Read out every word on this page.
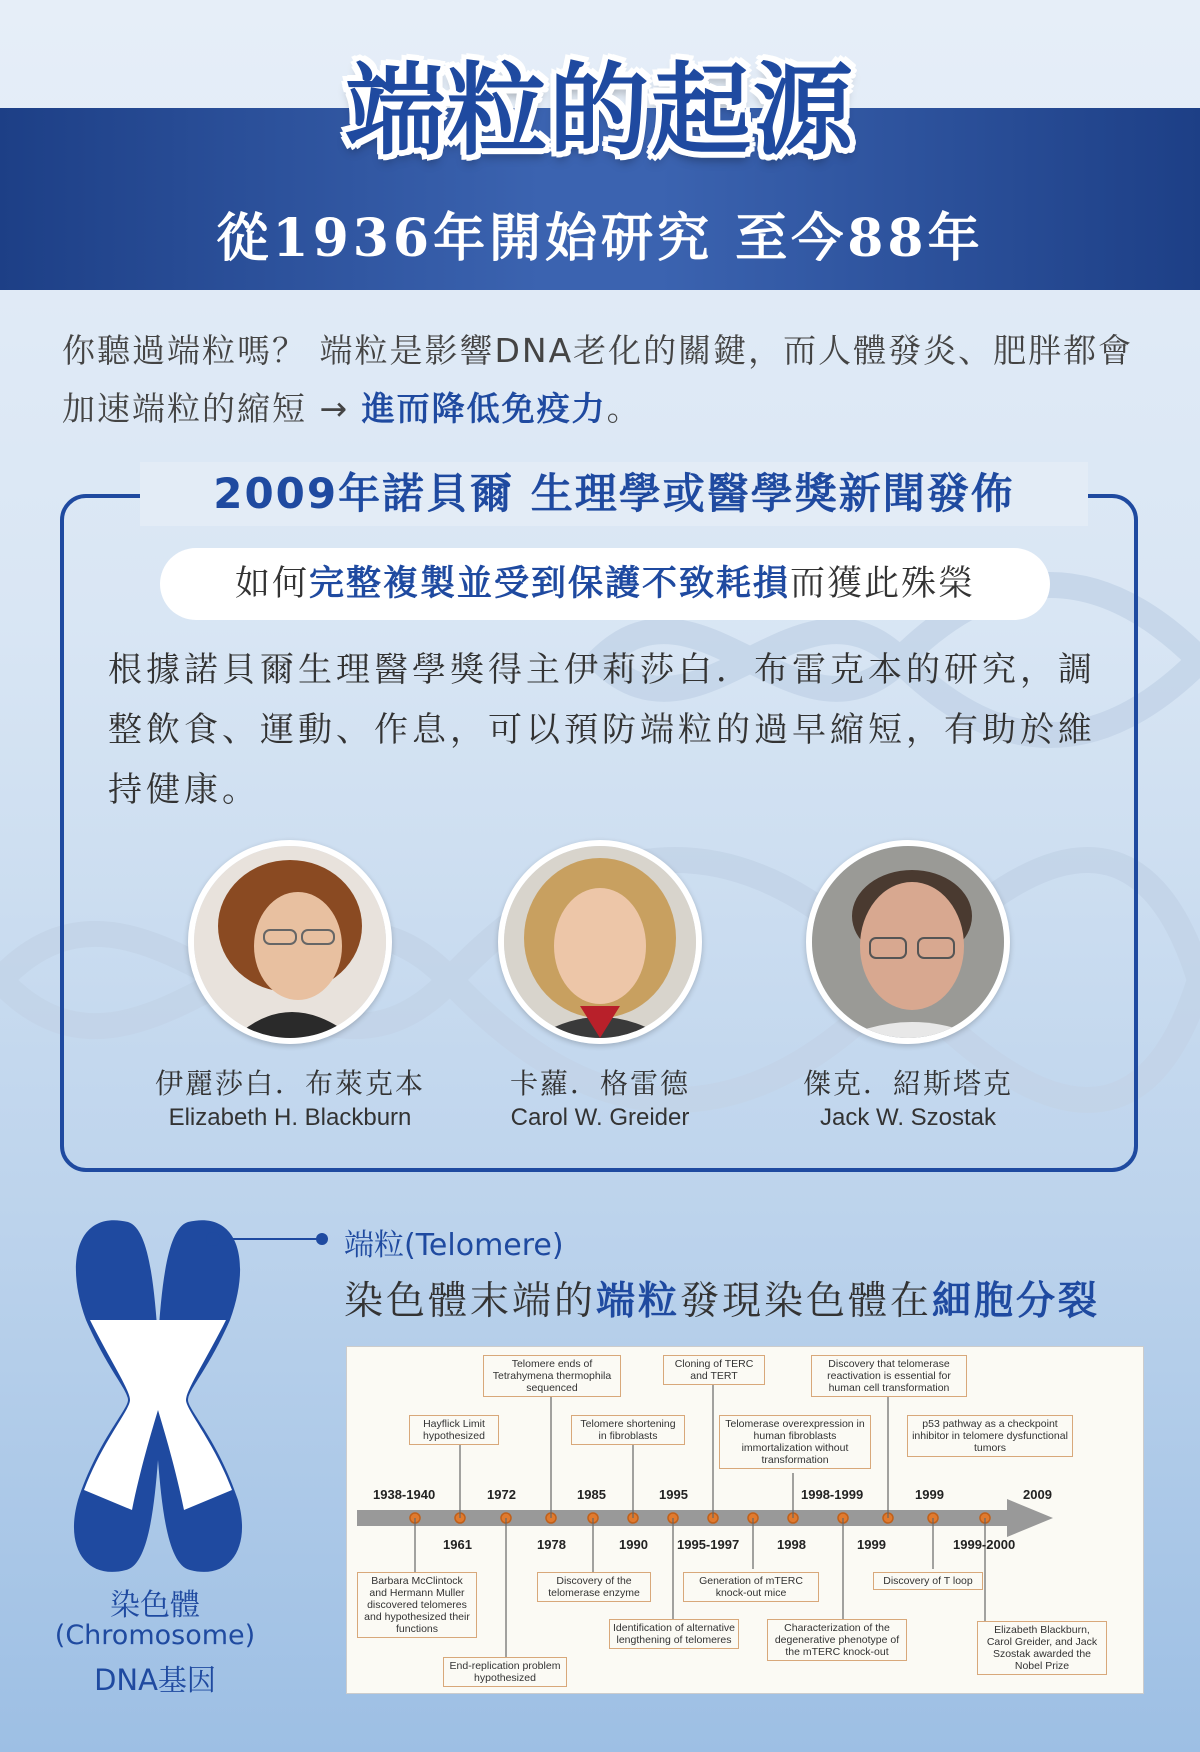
端粒的起源
從1936年開始研究 至今88年
你聽過端粒嗎？ 端粒是影響DNA老化的關鍵，而人體發炎、肥胖都會加速端粒的縮短 → 進而降低免疫力。
2009年諾貝爾 生理學或醫學獎新聞發佈
如何完整複製並受到保護不致耗損而獲此殊榮
根據諾貝爾生理醫學獎得主伊莉莎白．布雷克本的研究，調整飲食、運動、作息，可以預防端粒的過早縮短，有助於維持健康。
伊麗莎白．布萊克本
Elizabeth H. Blackburn
卡蘿．格雷德
Carol W. Greider
傑克．紹斯塔克
Jack W. Szostak
染色體
(Chromosome)
DNA基因
端粒(Telomere)
染色體末端的端粒發現染色體在細胞分裂
1938-1940	1972	1985	1995	1998-1999	1999	2009
1961	1978	1990 1995-1997	1998	1999	1999-2000
Telomere ends of Tetrahymena thermophila sequenced
Cloning of TERC and TERT
Discovery that telomerase reactivation is essential for human cell transformation
Hayflick Limit hypothesized
Telomere shortening in fibroblasts
Telomerase overexpression in human fibroblasts immortalization without transformation
p53 pathway as a checkpoint inhibitor in telomere dysfunctional tumors
Barbara McClintock and Hermann Muller discovered telomeres and hypothesized their functions
Discovery of the telomerase enzyme
Generation of mTERC knock-out mice
Discovery of T loop
End-replication problem hypothesized
Identification of alternative lengthening of telomeres
Characterization of the degenerative phenotype of the mTERC knock-out
Elizabeth Blackburn, Carol Greider, and Jack Szostak awarded the Nobel Prize
